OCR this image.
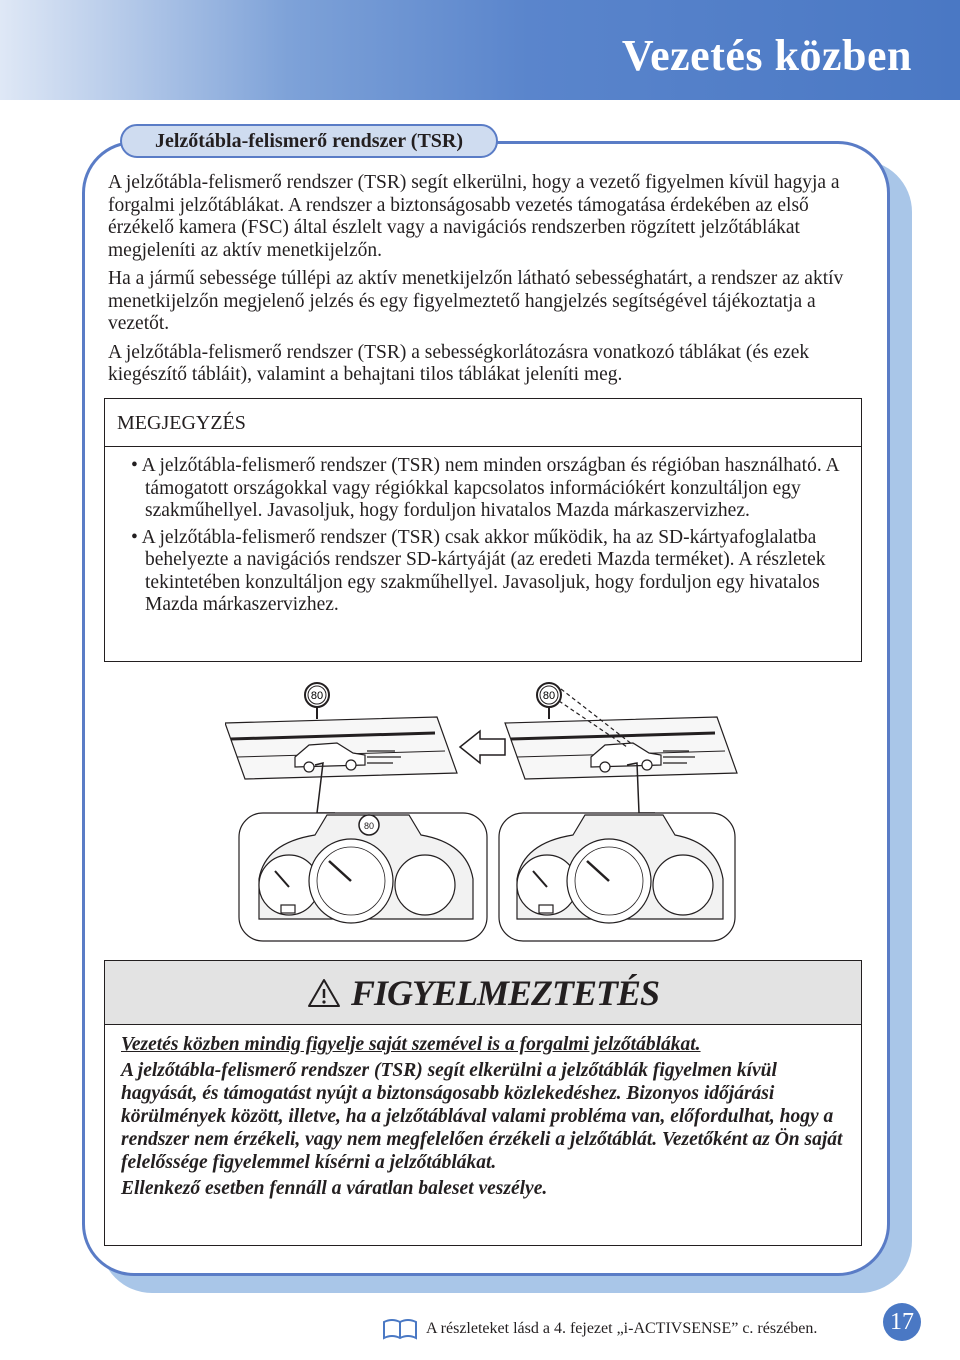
Vezetés közben
Jelzőtábla-felismerő rendszer (TSR)

A jelzőtábla-felismerő rendszer (TSR) segít elkerülni, hogy a vezető figyelmen kívül hagyja a forgalmi jelzőtáblákat. A rendszer a biztonságosabb vezetés támogatása érdekében az első érzékelő kamera (FSC) által észlelt vagy a navigációs rendszerben rögzített jelzőtáblákat megjeleníti az aktív menetkijelzőn.

Ha a jármű sebessége túllépi az aktív menetkijelzőn látható sebességhatárt, a rendszer az aktív menetkijelzőn megjelenő jelzés és egy figyelmeztető hangjelzés segítségével tájékoztatja a vezetőt.

A jelzőtábla-felismerő rendszer (TSR) a sebességkorlátozásra vonatkozó táblákat (és ezek kiegészítő tábláit), valamint a behajtani tilos táblákat jeleníti meg.

MEGJEGYZÉS
• A jelzőtábla-felismerő rendszer (TSR) nem minden országban és régióban használható. A támogatott országokkal vagy régiókkal kapcsolatos információkért konzultáljon egy szakműhellyel. Javasoljuk, hogy forduljon hivatalos Mazda márkaszervizhez.
• A jelzőtábla-felismerő rendszer (TSR) csak akkor működik, ha az SD-kártyafoglalatba behelyezte a navigációs rendszer SD-kártyáját (az eredeti Mazda terméket). A részletek tekintetében konzultáljon egy szakműhellyel. Javasoljuk, hogy forduljon egy hivatalos Mazda márkaszervizhez.
80	80
80
FIGYELMEZTETÉS

Vezetés közben mindig figyelje saját szemével is a forgalmi jelzőtáblákat.

A jelzőtábla-felismerő rendszer (TSR) segít elkerülni a jelzőtáblák figyelmen kívül hagyását, és támogatást nyújt a biztonságosabb közlekedéshez. Bizonyos időjárási körülmények között, illetve, ha a jelzőtáblával valami probléma van, előfordulhat, hogy a rendszer nem érzékeli, vagy nem megfelelően érzékeli a jelzőtáblát. Vezetőként az Ön saját felelőssége figyelemmel kísérni a jelzőtáblákat.

Ellenkező esetben fennáll a váratlan baleset veszélye.

A részleteket lásd a 4. fejezet „i-ACTIVSENSE” c. részében.	17
